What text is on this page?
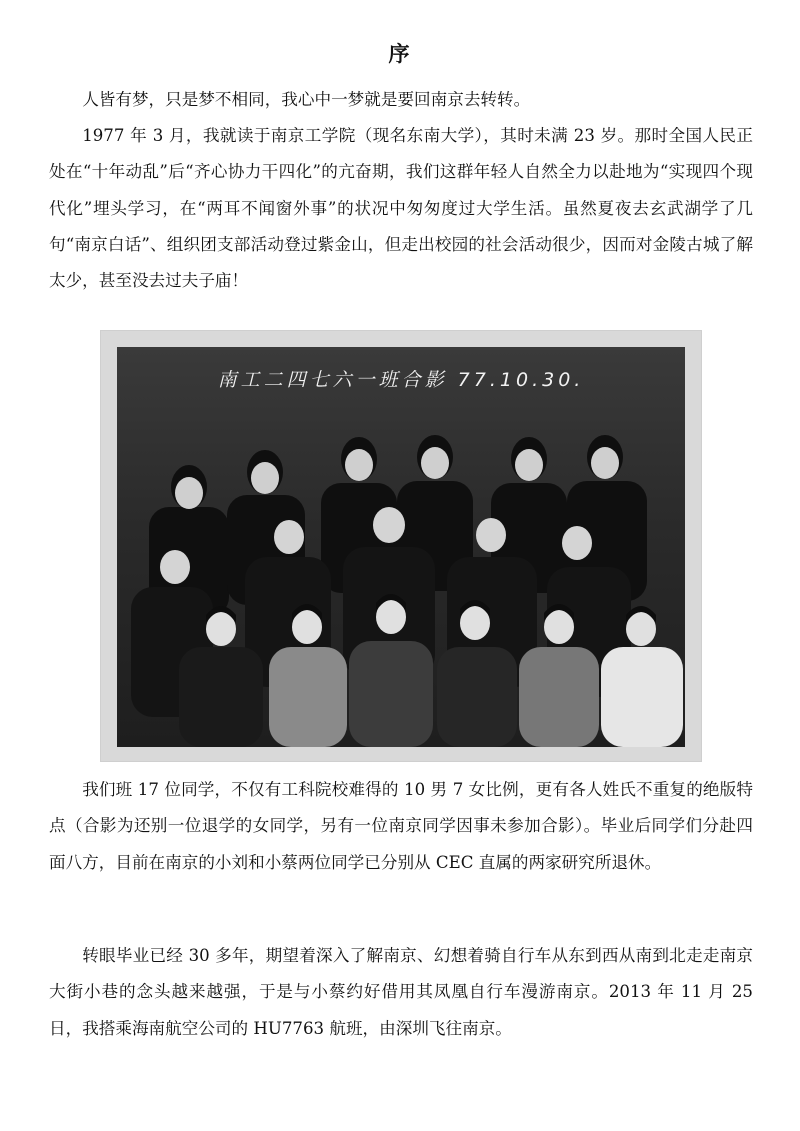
序

人皆有梦，只是梦不相同，我心中一梦就是要回南京去转转。

1977 年 3 月，我就读于南京工学院（现名东南大学），其时未满 23 岁。那时全国人民正处在“十年动乱”后“齐心协力干四化”的亢奋期，我们这群年轻人自然全力以赴地为“实现四个现代化”埋头学习，在“两耳不闻窗外事”的状况中匆匆度过大学生活。虽然夏夜去玄武湖学了几句“南京白话”、组织团支部活动登过紫金山，但走出校园的社会活动很少，因而对金陵古城了解太少，甚至没去过夫子庙！

南工二四七六一班合影 77.10.30.

我们班 17 位同学，不仅有工科院校难得的 10 男 7 女比例，更有各人姓氏不重复的绝版特点（合影为还别一位退学的女同学，另有一位南京同学因事未参加合影）。毕业后同学们分赴四面八方，目前在南京的小刘和小蔡两位同学已分别从 CEC 直属的两家研究所退休。

转眼毕业已经 30 多年，期望着深入了解南京、幻想着骑自行车从东到西从南到北走走南京大街小巷的念头越来越强，于是与小蔡约好借用其凤凰自行车漫游南京。2013 年 11 月 25 日，我搭乘海南航空公司的 HU7763 航班，由深圳飞往南京。
